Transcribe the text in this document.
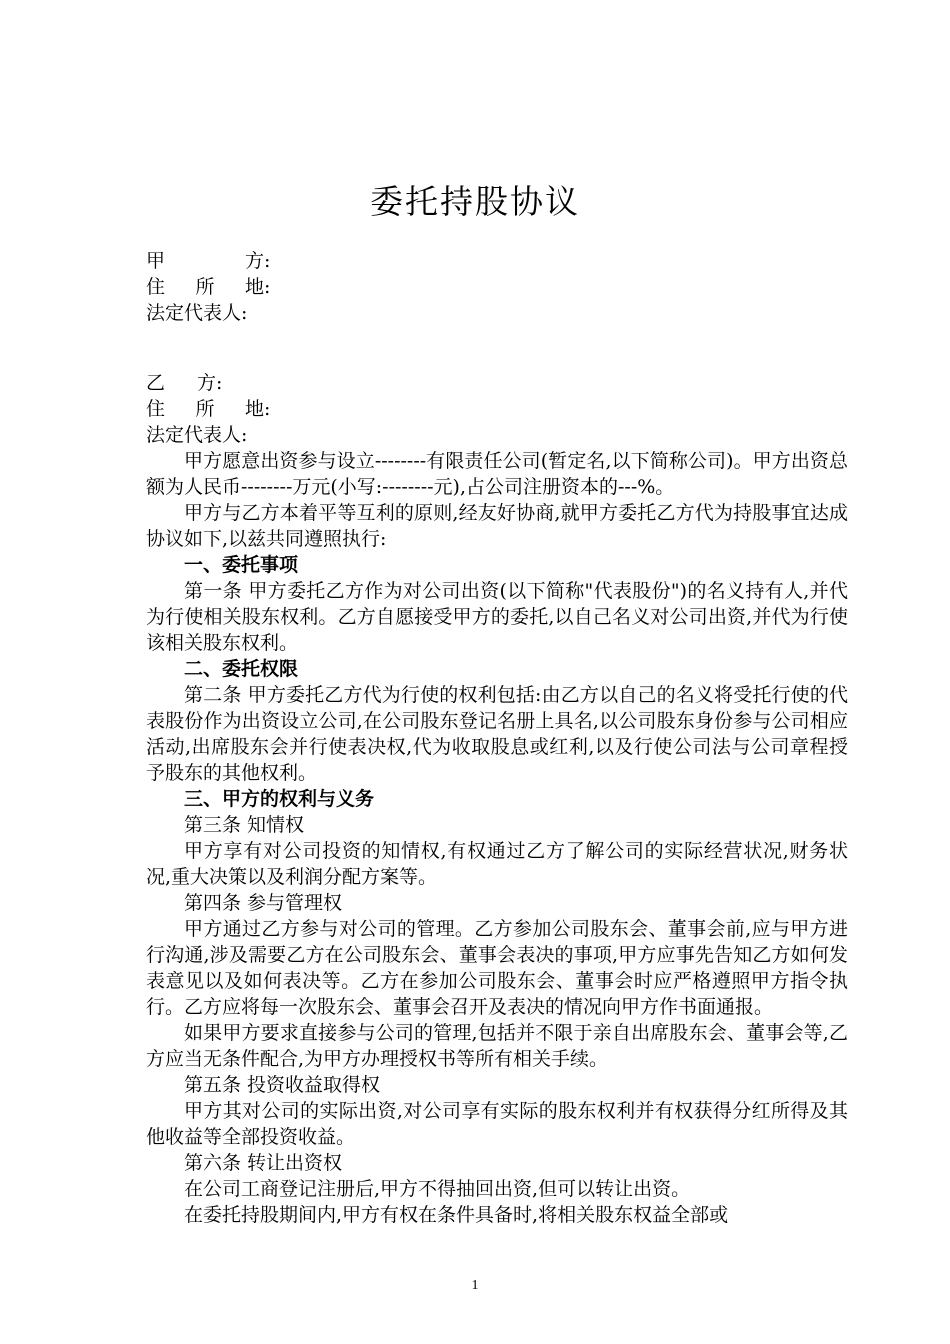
委托持股协议
甲	方 :
住 所 地 :
法定代表人 :
乙 方 :
住 所 地 :
法定代表人 :

甲方愿意出资参与设立--------有限责任公司(暂定名,以下简称公司)。甲方出资总额为人民币--------万元(小写:--------元),占公司注册资本的---%。

甲方与乙方本着平等互利的原则,经友好协商,就甲方委托乙方代为持股事宜达成协议如下,以兹共同遵照执行:

一、委托事项

第一条 甲方委托乙方作为对公司出资(以下简称"代表股份")的名义持有人,并代为行使相关股东权利。乙方自愿接受甲方的委托,以自己名义对公司出资,并代为行使该相关股东权利。

二、委托权限

第二条 甲方委托乙方代为行使的权利包括:由乙方以自己的名义将受托行使的代表股份作为出资设立公司,在公司股东登记名册上具名,以公司股东身份参与公司相应活动,出席股东会并行使表决权,代为收取股息或红利,以及行使公司法与公司章程授予股东的其他权利。

三、甲方的权利与义务

第三条 知情权

甲方享有对公司投资的知情权,有权通过乙方了解公司的实际经营状况,财务状况,重大决策以及利润分配方案等。

第四条 参与管理权

甲方通过乙方参与对公司的管理。乙方参加公司股东会、董事会前,应与甲方进行沟通,涉及需要乙方在公司股东会、董事会表决的事项,甲方应事先告知乙方如何发表意见以及如何表决等。乙方在参加公司股东会、董事会时应严格遵照甲方指令执行。乙方应将每一次股东会、董事会召开及表决的情况向甲方作书面通报。

如果甲方要求直接参与公司的管理,包括并不限于亲自出席股东会、董事会等,乙方应当无条件配合,为甲方办理授权书等所有相关手续。

第五条 投资收益取得权

甲方其对公司的实际出资,对公司享有实际的股东权利并有权获得分红所得及其他收益等全部投资收益。

第六条 转让出资权

在公司工商登记注册后,甲方不得抽回出资,但可以转让出资。

在委托持股期间内,甲方有权在条件具备时,将相关股东权益全部或

1
